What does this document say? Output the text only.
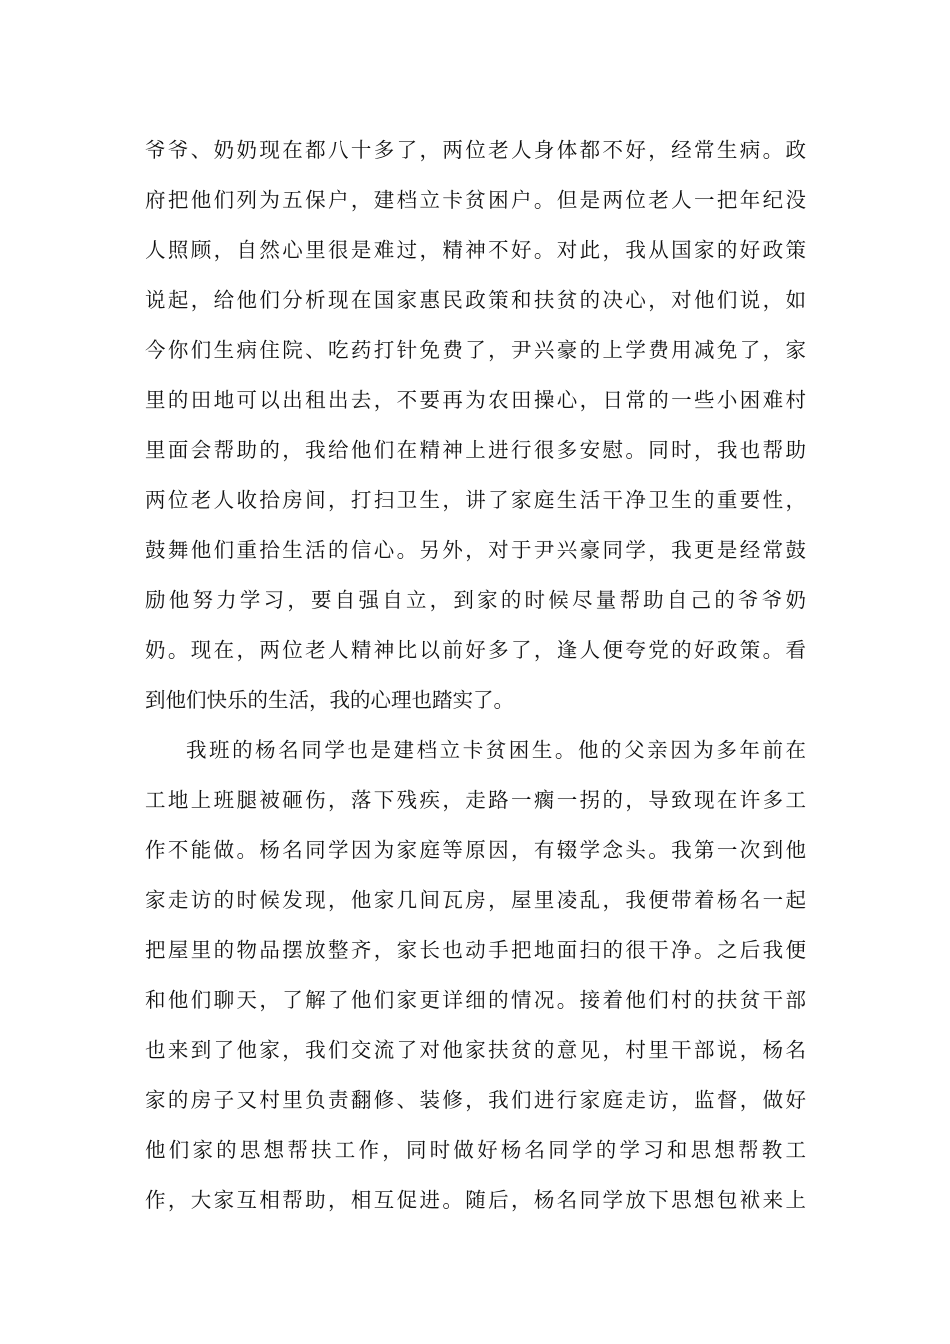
爷爷、奶奶现在都八十多了，两位老人身体都不好，经常生病。政
府把他们列为五保户，建档立卡贫困户。但是两位老人一把年纪没
人照顾，自然心里很是难过，精神不好。对此，我从国家的好政策
说起，给他们分析现在国家惠民政策和扶贫的决心，对他们说，如
今你们生病住院、吃药打针免费了，尹兴豪的上学费用减免了，家
里的田地可以出租出去，不要再为农田操心，日常的一些小困难村
里面会帮助的，我给他们在精神上进行很多安慰。同时，我也帮助
两位老人收拾房间，打扫卫生，讲了家庭生活干净卫生的重要性，
鼓舞他们重拾生活的信心。另外，对于尹兴豪同学，我更是经常鼓
励他努力学习，要自强自立，到家的时候尽量帮助自己的爷爷奶
奶。现在，两位老人精神比以前好多了，逢人便夸党的好政策。看
到他们快乐的生活，我的心理也踏实了。
我班的杨名同学也是建档立卡贫困生。他的父亲因为多年前在
工地上班腿被砸伤，落下残疾，走路一瘸一拐的，导致现在许多工
作不能做。杨名同学因为家庭等原因，有辍学念头。我第一次到他
家走访的时候发现，他家几间瓦房，屋里凌乱，我便带着杨名一起
把屋里的物品摆放整齐，家长也动手把地面扫的很干净。之后我便
和他们聊天，了解了他们家更详细的情况。接着他们村的扶贫干部
也来到了他家，我们交流了对他家扶贫的意见，村里干部说，杨名
家的房子又村里负责翻修、装修，我们进行家庭走访，监督，做好
他们家的思想帮扶工作，同时做好杨名同学的学习和思想帮教工
作，大家互相帮助，相互促进。随后，杨名同学放下思想包袱来上
